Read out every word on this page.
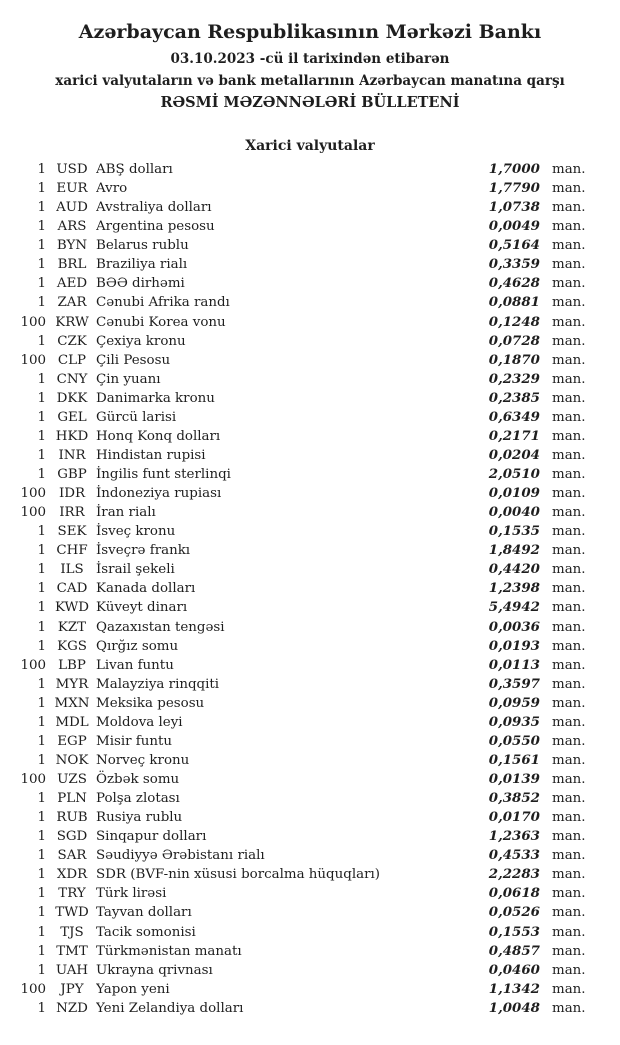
Azərbaycan Respublikasının Mərkəzi Bankı
03.10.2023 -cü il tarixindən etibarən
xarici valyutaların və bank metallarının Azərbaycan manatına qarşı
RƏSMİ MƏZƏNNƏLƏRİ BÜLLETENİ
Xarici valyutalar
1 USD ABŞ dolları	1,7000 man.
1 EUR Avro	1,7790 man.
1 AUD Avstraliya dolları	1,0738 man.
1 ARS Argentina pesosu	0,0049 man.
1 BYN Belarus rublu	0,5164 man.
1 BRL Braziliya rialı	0,3359 man.
1 AED BƏƏ dirhəmi	0,4628 man.
1 ZAR Cənubi Afrika randı	0,0881 man.
100 KRW Cənubi Korea vonu	0,1248 man.
1 CZK Çexiya kronu	0,0728 man.
100 CLP Çili Pesosu	0,1870 man.
1 CNY Çin yuanı	0,2329 man.
1 DKK Danimarka kronu	0,2385 man.
1 GEL Gürcü larisi	0,6349 man.
1 HKD Honq Konq dolları	0,2171 man.
1 INR Hindistan rupisi	0,0204 man.
1 GBP İngilis funt sterlinqi	2,0510 man.
100 IDR İndoneziya rupiası	0,0109 man.
100 IRR İran rialı	0,0040 man.
1 SEK İsveç kronu	0,1535 man.
1 CHF İsveçrə frankı	1,8492 man.
1	ILS İsrail şekeli	0,4420 man.
1 CAD Kanada dolları	1,2398 man.
1 KWD Küveyt dinarı	5,4942 man.
1 KZT Qazaxıstan tengəsi	0,0036 man.
1 KGS Qırğız somu	0,0193 man.
100 LBP Livan funtu	0,0113 man.
1 MYR Malayziya rinqqiti	0,3597 man.
1 MXN Meksika pesosu	0,0959 man.
1 MDL Moldova leyi	0,0935 man.
1 EGP Misir funtu	0,0550 man.
1 NOK Norveç kronu	0,1561 man.
100 UZS Özbək somu	0,0139 man.
1 PLN Polşa zlotası	0,3852 man.
1 RUB Rusiya rublu	0,0170 man.
1 SGD Sinqapur dolları	1,2363 man.
1 SAR Səudiyyə Ərəbistanı rialı	0,4533 man.
1 XDR SDR (BVF-nin xüsusi borcalma hüquqları)	2,2283 man.
1 TRY Türk lirəsi	0,0618 man.
1 TWD Tayvan dolları	0,0526 man.
1	TJS Tacik somonisi	0,1553 man.
1 TMT Türkmənistan manatı	0,4857 man.
1 UAH Ukrayna qrivnası	0,0460 man.
100	JPY Yapon yeni	1,1342 man.
1 NZD Yeni Zelandiya dolları	1,0048 man.
